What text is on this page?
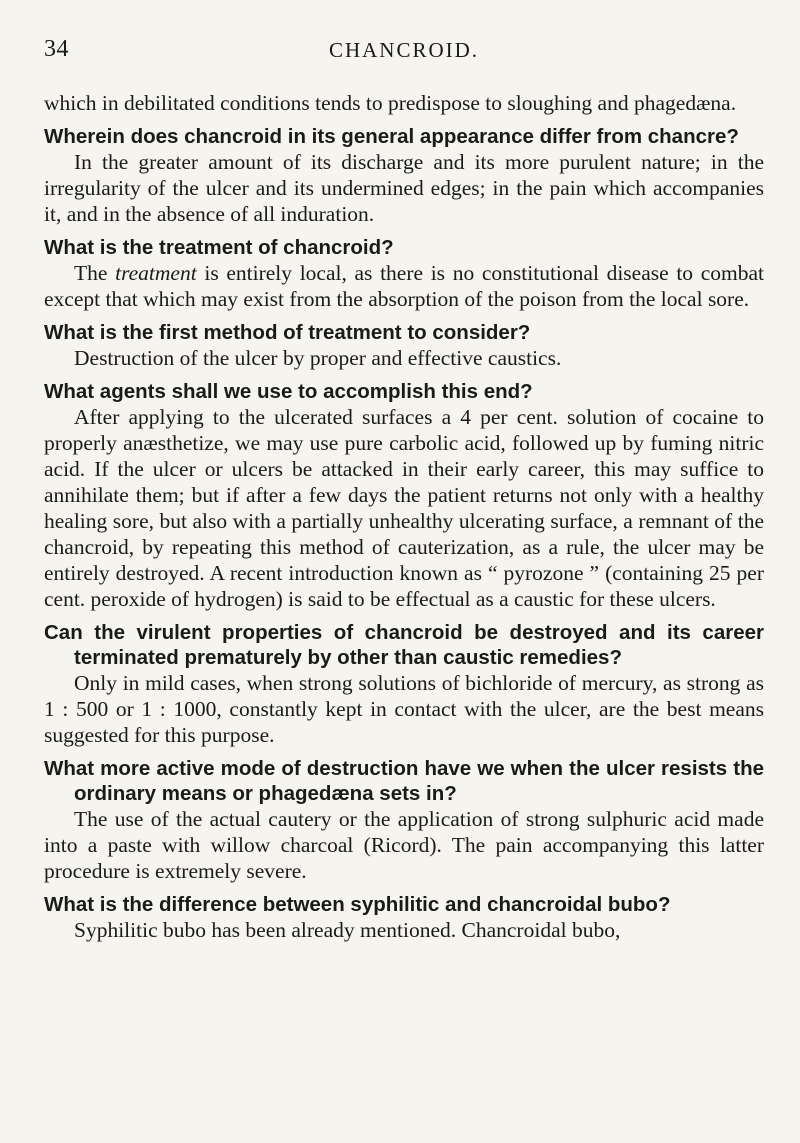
34	CHANCROID.

which in debilitated conditions tends to predispose to sloughing and phagedæna.

Wherein does chancroid in its general appearance differ from chancre?

In the greater amount of its discharge and its more purulent nature; in the irregularity of the ulcer and its undermined edges; in the pain which accompanies it, and in the absence of all induration.

What is the treatment of chancroid?

The treatment is entirely local, as there is no constitutional disease to combat except that which may exist from the absorption of the poison from the local sore.

What is the first method of treatment to consider?

Destruction of the ulcer by proper and effective caustics.

What agents shall we use to accomplish this end?

After applying to the ulcerated surfaces a 4 per cent. solution of cocaine to properly anæsthetize, we may use pure carbolic acid, followed up by fuming nitric acid. If the ulcer or ulcers be attacked in their early career, this may suffice to annihilate them; but if after a few days the patient returns not only with a healthy healing sore, but also with a partially unhealthy ulcerating surface, a remnant of the chancroid, by repeating this method of cauterization, as a rule, the ulcer may be entirely destroyed. A recent introduction known as “ pyrozone ” (containing 25 per cent. peroxide of hydrogen) is said to be effectual as a caustic for these ulcers.

Can the virulent properties of chancroid be destroyed and its career terminated prematurely by other than caustic remedies?

Only in mild cases, when strong solutions of bichloride of mercury, as strong as 1 : 500 or 1 : 1000, constantly kept in contact with the ulcer, are the best means suggested for this purpose.

What more active mode of destruction have we when the ulcer resists the ordinary means or phagedæna sets in?

The use of the actual cautery or the application of strong sulphuric acid made into a paste with willow charcoal (Ricord). The pain accompanying this latter procedure is extremely severe.

What is the difference between syphilitic and chancroidal bubo?

Syphilitic bubo has been already mentioned. Chancroidal bubo,
